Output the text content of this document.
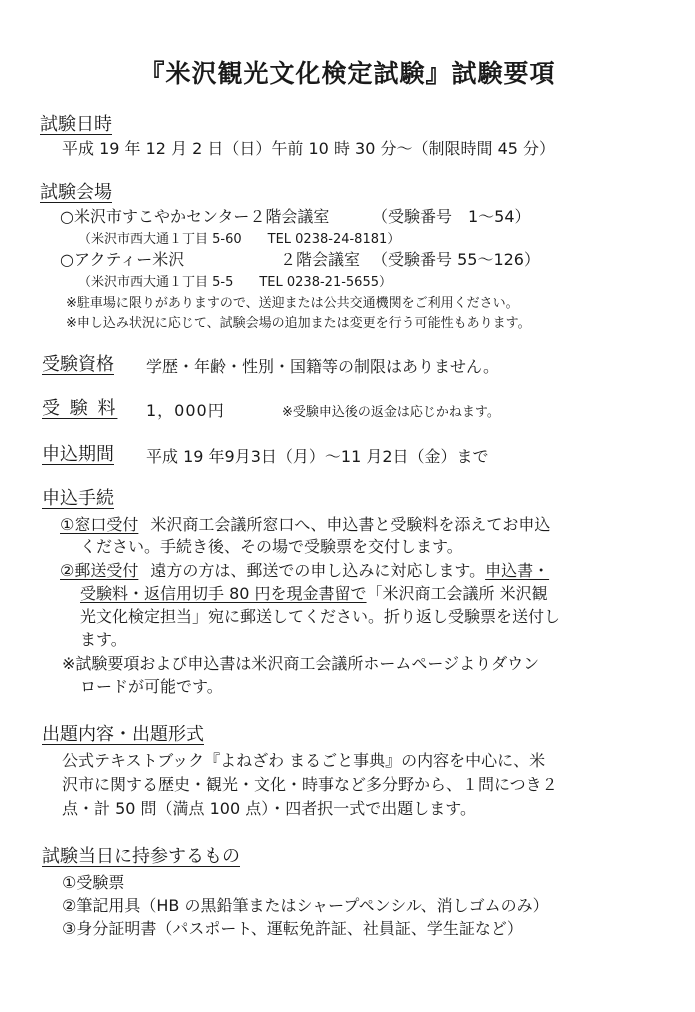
『米沢観光文化検定試験』試験要項
試験日時
平成 19 年 12 月 2 日（日）午前 10 時 30 分～（制限時間 45 分）
試験会場
○米沢市すこやかセンター２階会議室	（受験番号　1～54）
（米沢市西大通１丁目 5-60　　TEL 0238-24-8181）
○アクティー米沢	２階会議室 （受験番号 55～126）
（米沢市西大通１丁目 5-5　　TEL 0238-21-5655）
※駐車場に限りがありますので、送迎または公共交通機関をご利用ください。
※申し込み状況に応じて、試験会場の追加または変更を行う可能性もあります。
受験資格 学歴・年齢・性別・国籍等の制限はありません。
受 験 料 1，000円	※受験申込後の返金は応じかねます。
申込期間 平成 19 年9月3日（月）～11 月2日（金）まで
申込手続
①窓口受付 米沢商工会議所窓口へ、申込書と受験料を添えてお申込
ください。手続き後、その場で受験票を交付します。
②郵送受付 遠方の方は、郵送での申し込みに対応します。申込書・
受験料・返信用切手 80 円を現金書留で「米沢商工会議所 米沢観
光文化検定担当」宛に郵送してください。折り返し受験票を送付し
ます。
※試験要項および申込書は米沢商工会議所ホームページよりダウン
ロードが可能です。
出題内容・出題形式
公式テキストブック『よねざわ まるごと事典』の内容を中心に、米
沢市に関する歴史・観光・文化・時事など多分野から、１問につき２
点・計 50 問（満点 100 点）・四者択一式で出題します。
試験当日に持参するもの
①受験票
②筆記用具（HB の黒鉛筆またはシャープペンシル、消しゴムのみ）
③身分証明書（パスポート、運転免許証、社員証、学生証など）
